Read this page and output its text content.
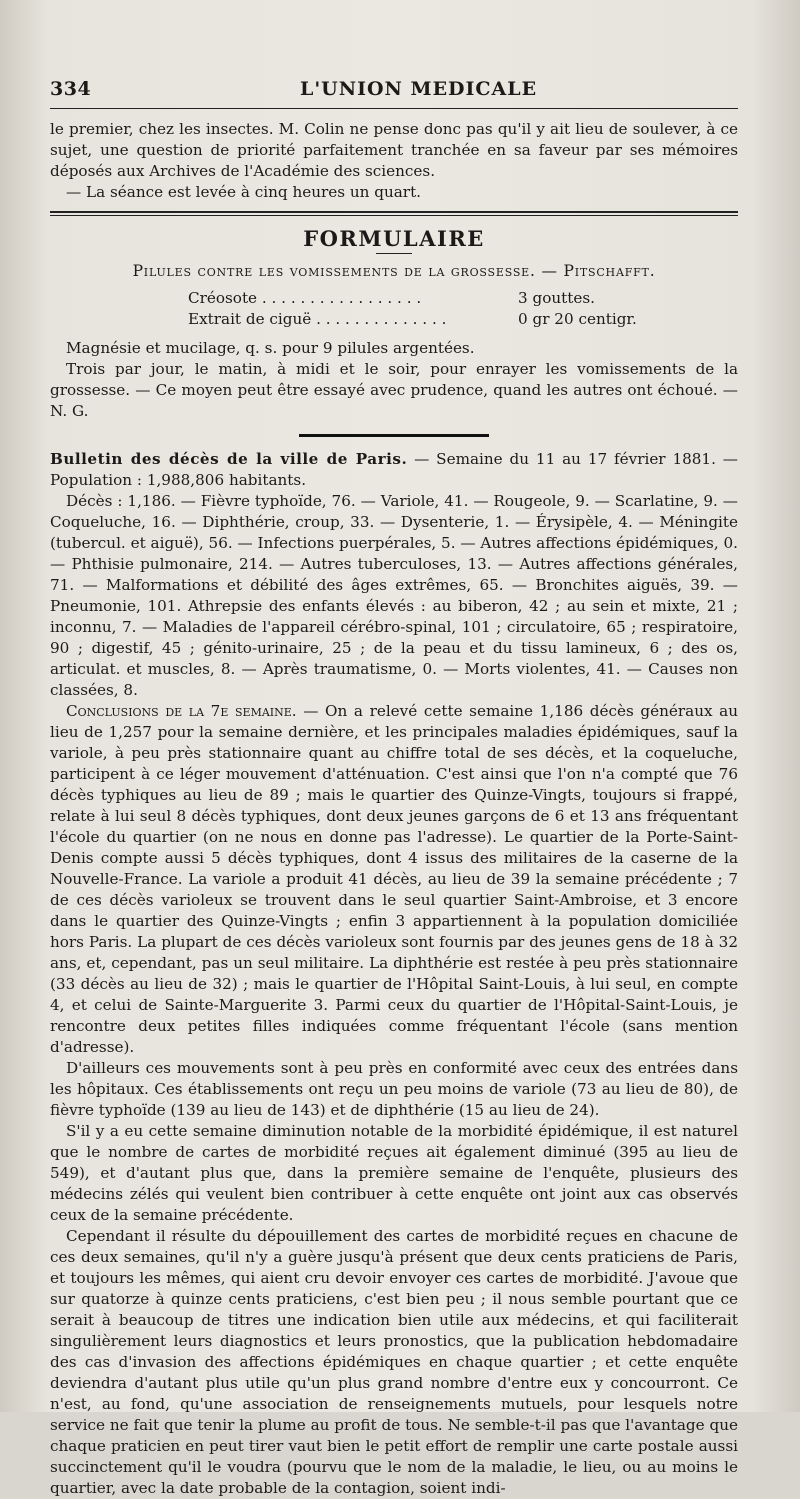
334	L'UNION MEDICALE

le premier, chez les insectes. M. Colin ne pense donc pas qu'il y ait lieu de soulever, à ce sujet, une question de priorité parfaitement tranchée en sa faveur par ses mémoires déposés aux Archives de l'Académie des sciences.

— La séance est levée à cinq heures un quart.

FORMULAIRE
Pilules contre les vomissements de la grossesse. — Pitschafft.
Créosote . . . . . . . . . . . . . . . . .	3 gouttes.
Extrait de ciguë . . . . . . . . . . . . . .	0 gr 20 centigr.

Magnésie et mucilage, q. s. pour 9 pilules argentées.

Trois par jour, le matin, à midi et le soir, pour enrayer les vomissements de la grossesse. — Ce moyen peut être essayé avec prudence, quand les autres ont échoué. — N. G.

Bulletin des décès de la ville de Paris. — Semaine du 11 au 17 février 1881. — Population : 1,988,806 habitants.

Décès : 1,186. — Fièvre typhoïde, 76. — Variole, 41. — Rougeole, 9. — Scarlatine, 9. — Coqueluche, 16. — Diphthérie, croup, 33. — Dysenterie, 1. — Érysipèle, 4. — Méningite (tubercul. et aiguë), 56. — Infections puerpérales, 5. — Autres affections épidémiques, 0. — Phthisie pulmonaire, 214. — Autres tuberculoses, 13. — Autres affections générales, 71. — Malformations et débilité des âges extrêmes, 65. — Bronchites aiguës, 39. — Pneumonie, 101. Athrepsie des enfants élevés : au biberon, 42 ; au sein et mixte, 21 ; inconnu, 7. — Maladies de l'appareil cérébro-spinal, 101 ; circulatoire, 65 ; respiratoire, 90 ; digestif, 45 ; génito-urinaire, 25 ; de la peau et du tissu lamineux, 6 ; des os, articulat. et muscles, 8. — Après traumatisme, 0. — Morts violentes, 41. — Causes non classées, 8.

Conclusions de la 7e semaine. — On a relevé cette semaine 1,186 décès généraux au lieu de 1,257 pour la semaine dernière, et les principales maladies épidémiques, sauf la variole, à peu près stationnaire quant au chiffre total de ses décès, et la coqueluche, participent à ce léger mouvement d'atténuation. C'est ainsi que l'on n'a compté que 76 décès typhiques au lieu de 89 ; mais le quartier des Quinze-Vingts, toujours si frappé, relate à lui seul 8 décès typhiques, dont deux jeunes garçons de 6 et 13 ans fréquentant l'école du quartier (on ne nous en donne pas l'adresse). Le quartier de la Porte-Saint-Denis compte aussi 5 décès typhiques, dont 4 issus des militaires de la caserne de la Nouvelle-France. La variole a produit 41 décès, au lieu de 39 la semaine précédente ; 7 de ces décès varioleux se trouvent dans le seul quartier Saint-Ambroise, et 3 encore dans le quartier des Quinze-Vingts ; enfin 3 appartiennent à la population domiciliée hors Paris. La plupart de ces décès varioleux sont fournis par des jeunes gens de 18 à 32 ans, et, cependant, pas un seul militaire. La diphthérie est restée à peu près stationnaire (33 décès au lieu de 32) ; mais le quartier de l'Hôpital Saint-Louis, à lui seul, en compte 4, et celui de Sainte-Marguerite 3. Parmi ceux du quartier de l'Hôpital-Saint-Louis, je rencontre deux petites filles indiquées comme fréquentant l'école (sans mention d'adresse).

D'ailleurs ces mouvements sont à peu près en conformité avec ceux des entrées dans les hôpitaux. Ces établissements ont reçu un peu moins de variole (73 au lieu de 80), de fièvre typhoïde (139 au lieu de 143) et de diphthérie (15 au lieu de 24).

S'il y a eu cette semaine diminution notable de la morbidité épidémique, il est naturel que le nombre de cartes de morbidité reçues ait également diminué (395 au lieu de 549), et d'autant plus que, dans la première semaine de l'enquête, plusieurs des médecins zélés qui veulent bien contribuer à cette enquête ont joint aux cas observés ceux de la semaine précédente.

Cependant il résulte du dépouillement des cartes de morbidité reçues en chacune de ces deux semaines, qu'il n'y a guère jusqu'à présent que deux cents praticiens de Paris, et toujours les mêmes, qui aient cru devoir envoyer ces cartes de morbidité. J'avoue que sur quatorze à quinze cents praticiens, c'est bien peu ; il nous semble pourtant que ce serait à beaucoup de titres une indication bien utile aux médecins, et qui faciliterait singulièrement leurs diagnostics et leurs pronostics, que la publication hebdomadaire des cas d'invasion des affections épidémiques en chaque quartier ; et cette enquête deviendra d'autant plus utile qu'un plus grand nombre d'entre eux y concourront. Ce n'est, au fond, qu'une association de renseignements mutuels, pour lesquels notre service ne fait que tenir la plume au profit de tous. Ne semble-t-il pas que l'avantage que chaque praticien en peut tirer vaut bien le petit effort de remplir une carte postale aussi succinctement qu'il le voudra (pourvu que le nom de la maladie, le lieu, ou au moins le quartier, avec la date probable de la contagion, soient indi-
